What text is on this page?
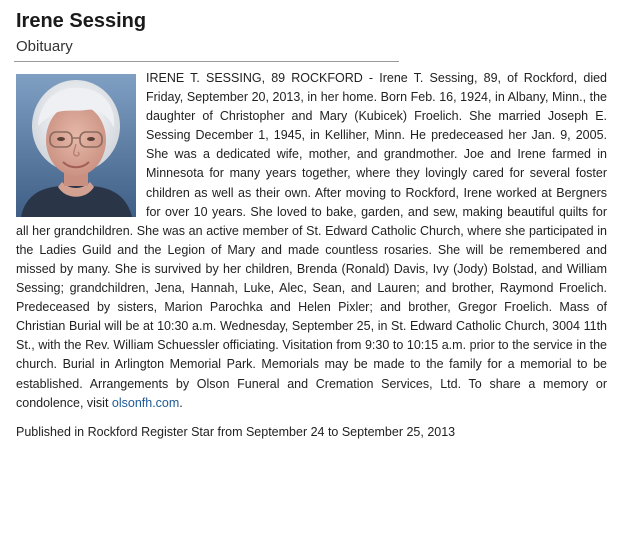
Irene Sessing
Obituary

IRENE T. SESSING, 89 ROCKFORD - Irene T. Sessing, 89, of Rockford, died Friday, September 20, 2013, in her home. Born Feb. 16, 1924, in Albany, Minn., the daughter of Christopher and Mary (Kubicek) Froelich. She married Joseph E. Sessing December 1, 1945, in Kelliher, Minn. He predeceased her Jan. 9, 2005. She was a dedicated wife, mother, and grandmother. Joe and Irene farmed in Minnesota for many years together, where they lovingly cared for several foster children as well as their own. After moving to Rockford, Irene worked at Bergners for over 10 years. She loved to bake, garden, and sew, making beautiful quilts for all her grandchildren. She was an active member of St. Edward Catholic Church, where she participated in the Ladies Guild and the Legion of Mary and made countless rosaries. She will be remembered and missed by many. She is survived by her children, Brenda (Ronald) Davis, Ivy (Jody) Bolstad, and William Sessing; grandchildren, Jena, Hannah, Luke, Alec, Sean, and Lauren; and brother, Raymond Froelich. Predeceased by sisters, Marion Parochka and Helen Pixler; and brother, Gregor Froelich. Mass of Christian Burial will be at 10:30 a.m. Wednesday, September 25, in St. Edward Catholic Church, 3004 11th St., with the Rev. William Schuessler officiating. Visitation from 9:30 to 10:15 a.m. prior to the service in the church. Burial in Arlington Memorial Park. Memorials may be made to the family for a memorial to be established. Arrangements by Olson Funeral and Cremation Services, Ltd. To share a memory or condolence, visit olsonfh.com.

Published in Rockford Register Star from September 24 to September 25, 2013
